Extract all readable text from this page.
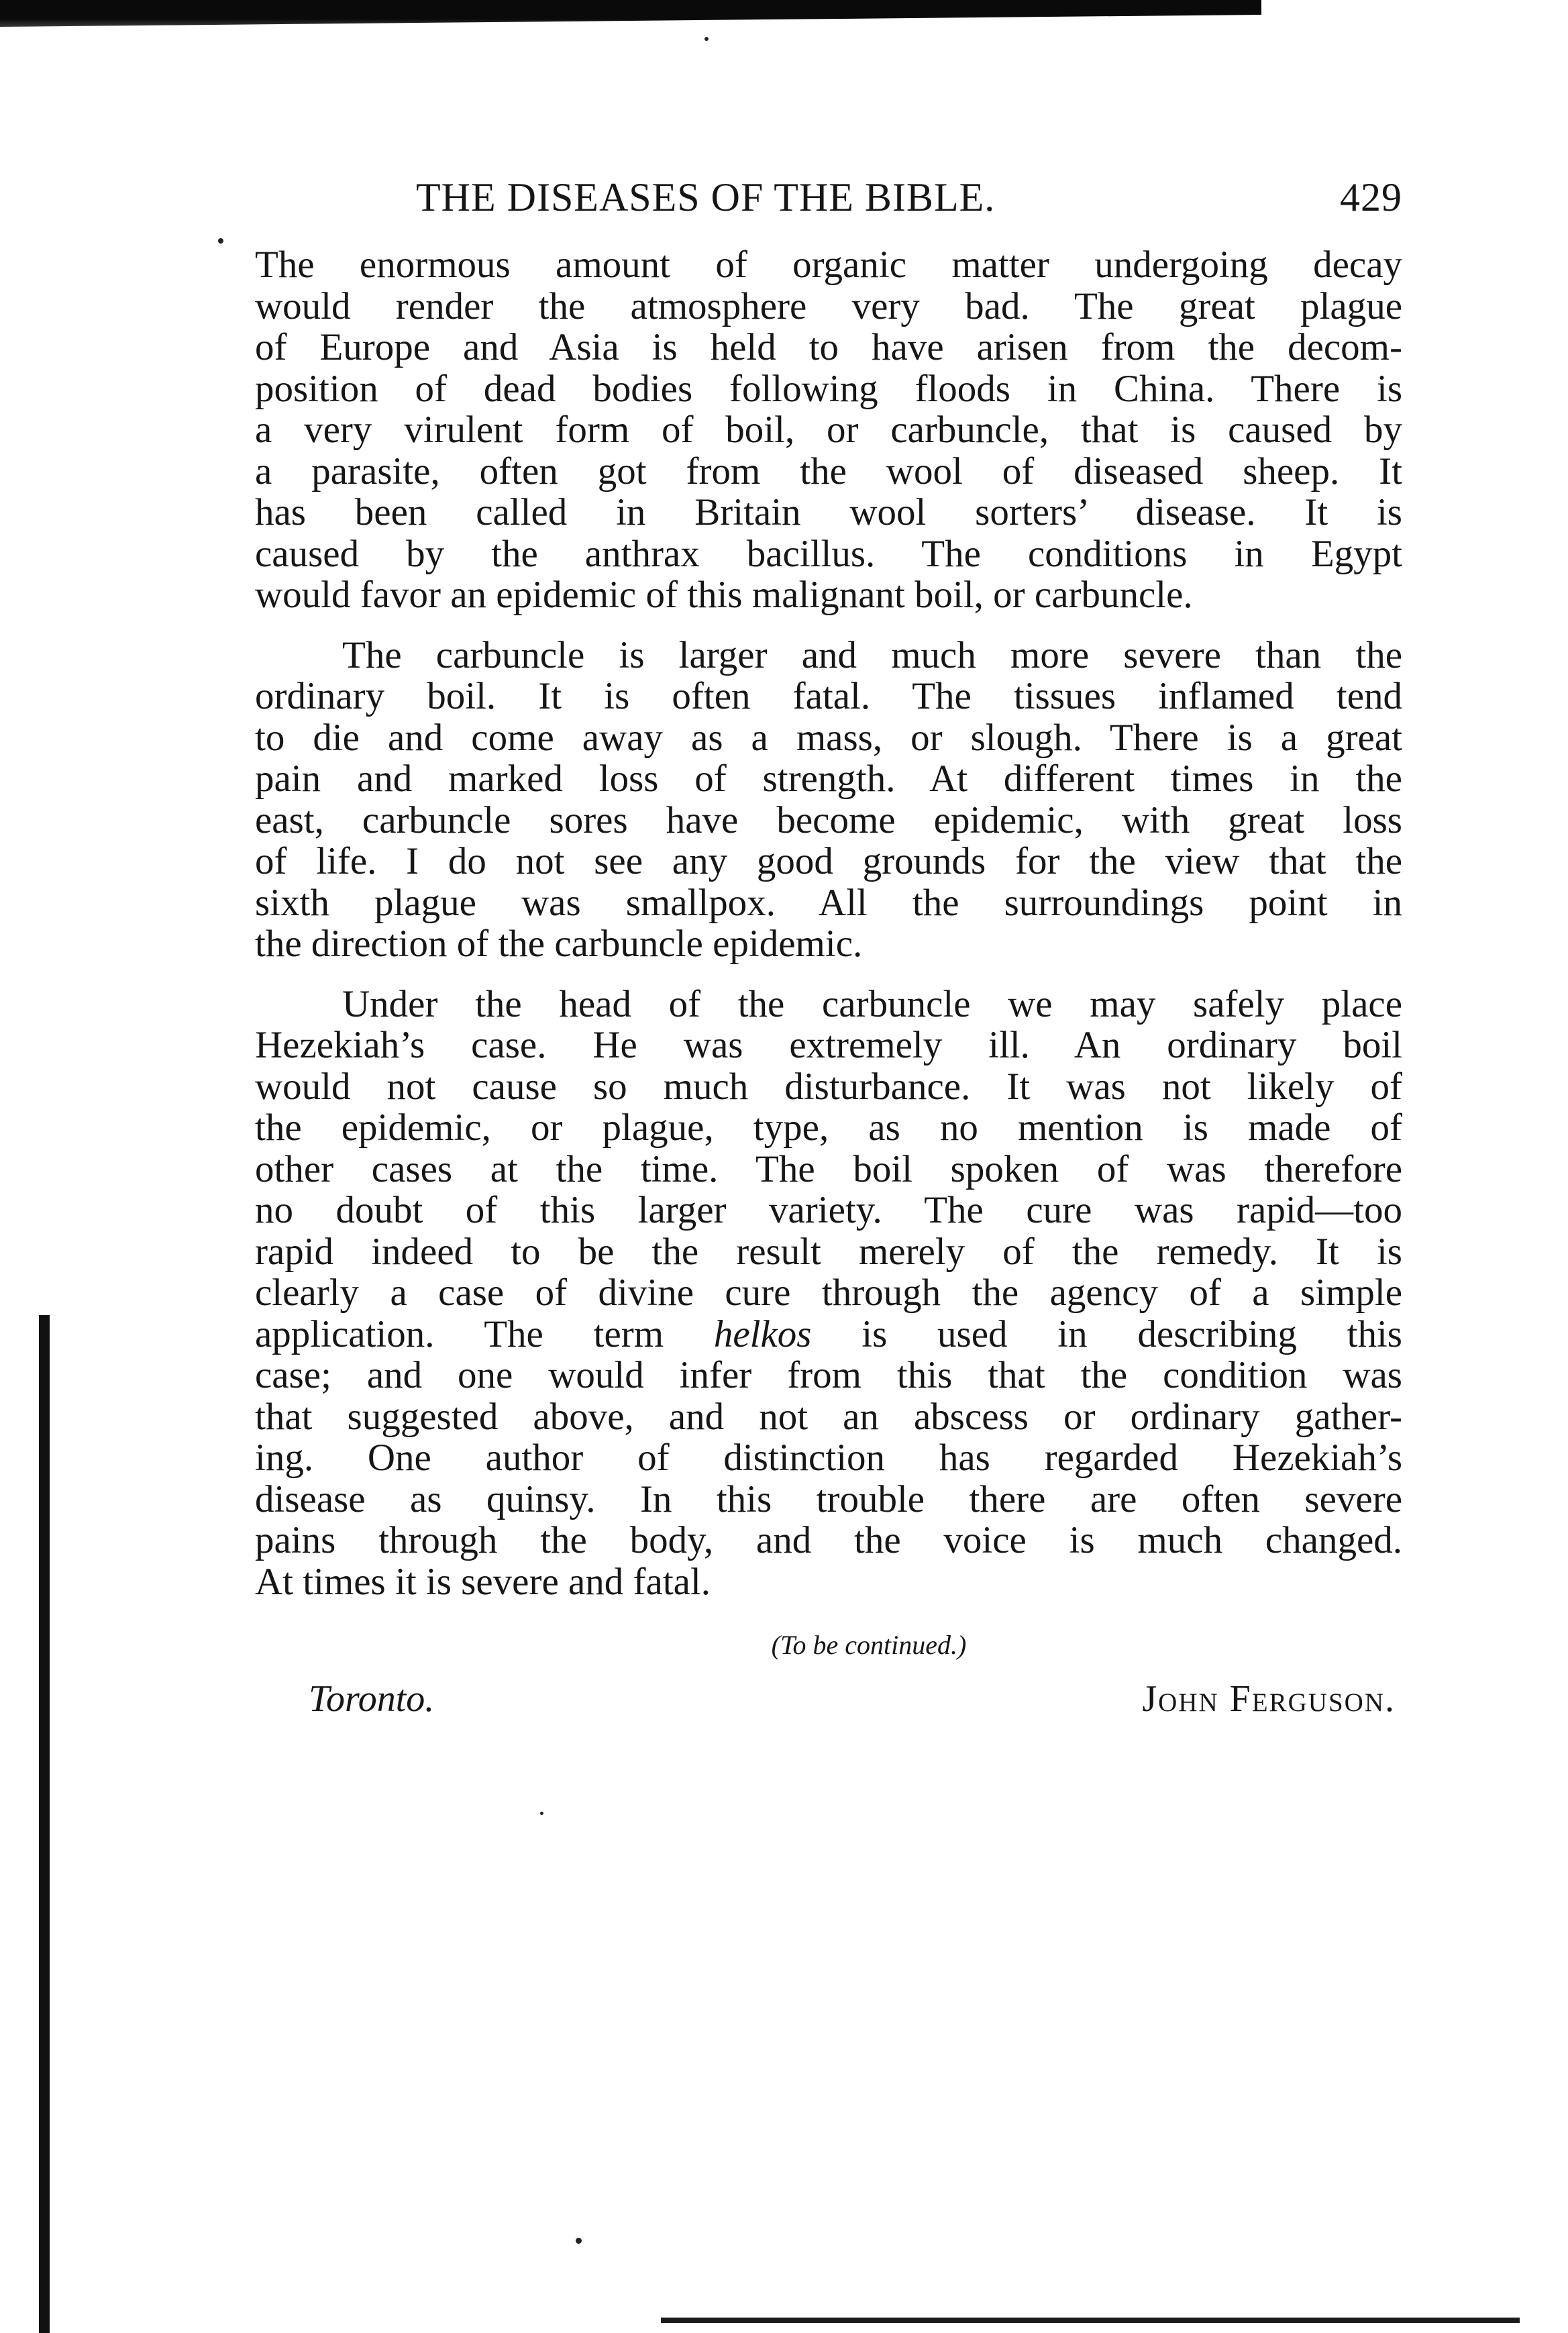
THE DISEASES OF THE BIBLE.	429
The enormous amount of organic matter undergoing decay
would render the atmosphere very bad. The great plague
of Europe and Asia is held to have arisen from the decom-
position of dead bodies following floods in China. There is
a very virulent form of boil, or carbuncle, that is caused by
a parasite, often got from the wool of diseased sheep. It
has been called in Britain wool sorters’ disease. It is
caused by the anthrax bacillus. The conditions in Egypt
would favor an epidemic of this malignant boil, or carbuncle.
The carbuncle is larger and much more severe than the
ordinary boil. It is often fatal. The tissues inflamed tend
to die and come away as a mass, or slough. There is a great
pain and marked loss of strength. At different times in the
east, carbuncle sores have become epidemic, with great loss
of life. I do not see any good grounds for the view that the
sixth plague was smallpox. All the surroundings point in
the direction of the carbuncle epidemic.
Under the head of the carbuncle we may safely place
Hezekiah’s case. He was extremely ill. An ordinary boil
would not cause so much disturbance. It was not likely of
the epidemic, or plague, type, as no mention is made of
other cases at the time. The boil spoken of was therefore
no doubt of this larger variety. The cure was rapid—too
rapid indeed to be the result merely of the remedy. It is
clearly a case of divine cure through the agency of a simple
application. The term helkos is used in describing this
case; and one would infer from this that the condition was
that suggested above, and not an abscess or ordinary gather-
ing. One author of distinction has regarded Hezekiah’s
disease as quinsy. In this trouble there are often severe
pains through the body, and the voice is much changed.
At times it is severe and fatal.
(To be continued.)
Toronto.	John Ferguson.
